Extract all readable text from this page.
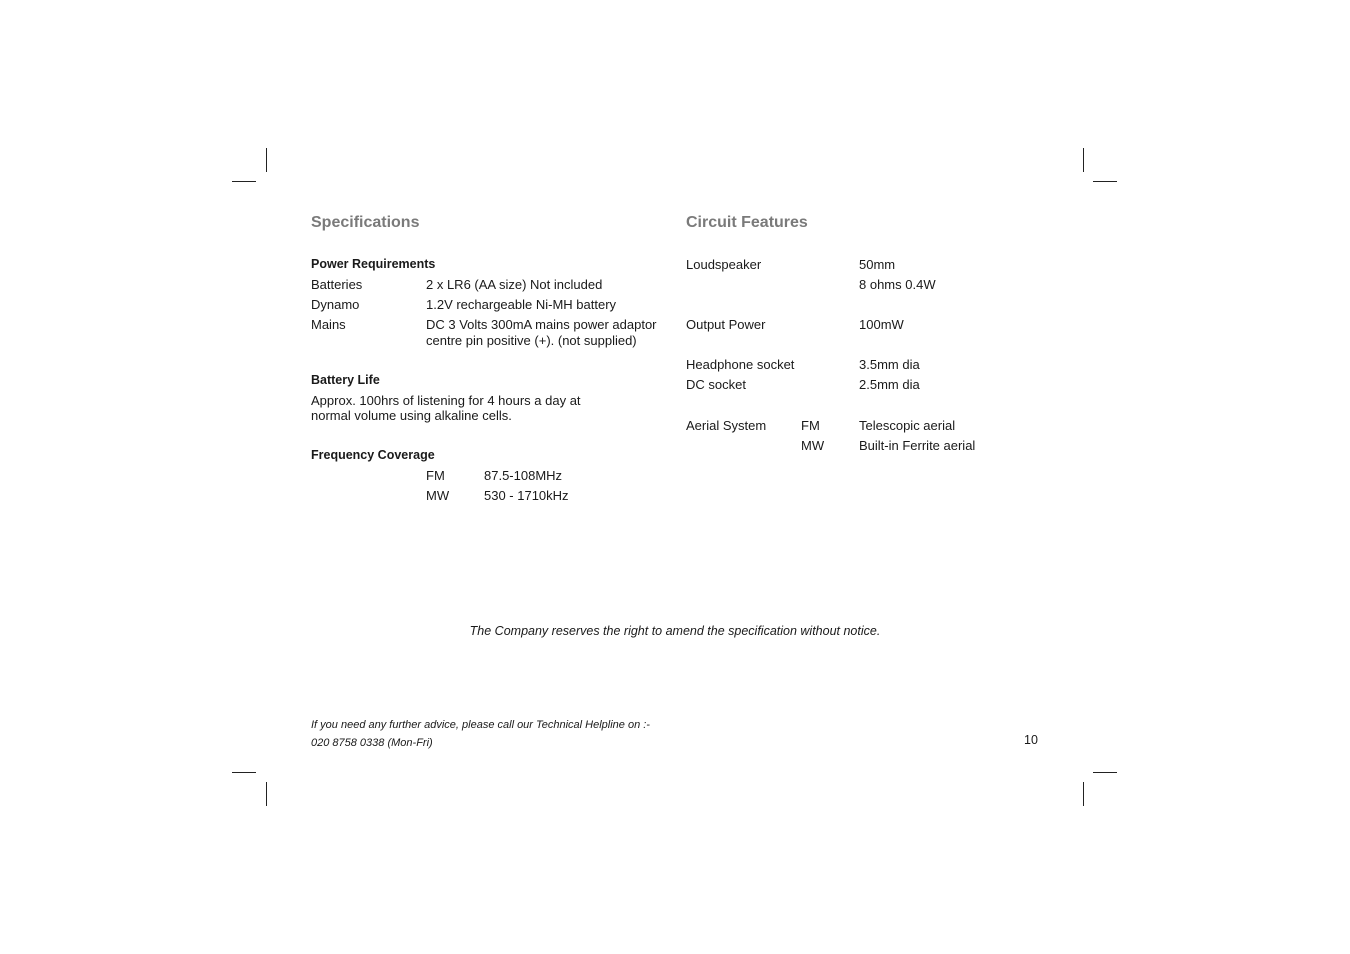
Specifications
Power Requirements
Batteries	2 x LR6 (AA size) Not included
Dynamo	1.2V rechargeable Ni-MH battery
Mains	DC 3 Volts 300mA mains power adaptor
centre pin positive (+). (not supplied)
Battery Life
Approx. 100hrs of listening for 4 hours a day at
normal volume using alkaline cells.
Frequency Coverage
FM	87.5-108MHz
MW	530 - 1710kHz
Circuit Features
Loudspeaker	50mm
8 ohms 0.4W
Output Power	100mW
Headphone socket	3.5mm dia
DC socket	2.5mm dia
Aerial System	FM	Telescopic aerial
MW	Built-in Ferrite aerial
The Company reserves the right to amend the specification without notice.
If you need any further advice, please call our Technical Helpline on :-
020 8758 0338 (Mon-Fri)	10
